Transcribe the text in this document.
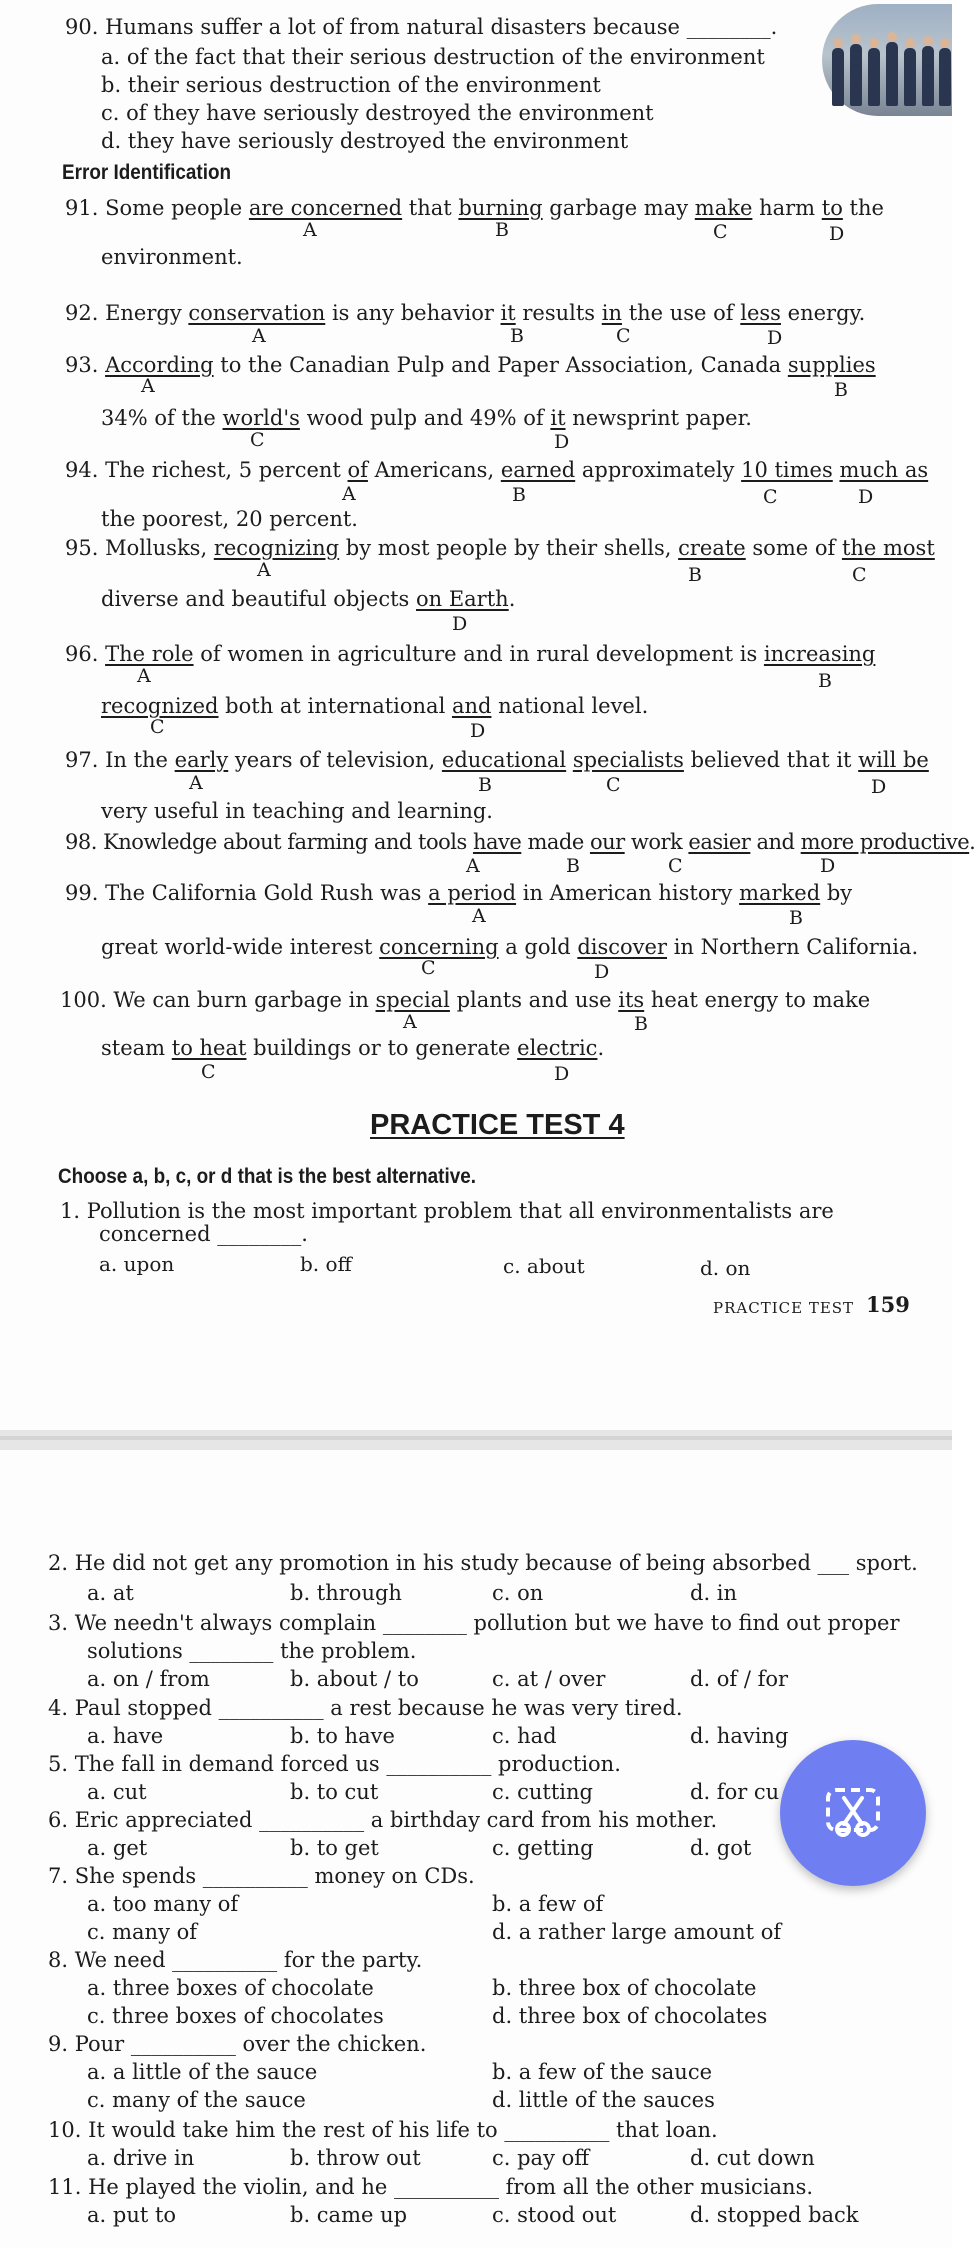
90. Humans suffer a lot of from natural disasters because ________.
a. of the fact that their serious destruction of the environment
b. their serious destruction of the environment
c. of they have seriously destroyed the environment
d. they have seriously destroyed the environment
Error Identification
91. Some people are concerned that burning garbage may make harm to the
A	B	C	D
environment.
92. Energy conservation is any behavior it results in the use of less energy.
A	B	C	D
93. According to the Canadian Pulp and Paper Association, Canada supplies
A	B
34% of the world's wood pulp and 49% of it newsprint paper.
C	D
94. The richest, 5 percent of Americans, earned approximately 10 times much as
A	B	C	D
the poorest, 20 percent.
95. Mollusks, recognizing by most people by their shells, create some of the most
A	B	C
diverse and beautiful objects on Earth.
D
96. The role of women in agriculture and in rural development is increasing
A	B
recognized both at international and national level.
C	D
97. In the early years of television, educational specialists believed that it will be
A	B	C	D
very useful in teaching and learning.
98. Knowledge about farming and tools have made our work easier and more productive.
A	B	C	D
99. The California Gold Rush was a period in American history marked by
A	B
great world-wide interest concerning a gold discover in Northern California.
C	D
100. We can burn garbage in special plants and use its heat energy to make
A	B
steam to heat buildings or to generate electric.
C	D
PRACTICE TEST 4
Choose a, b, c, or d that is the best alternative.
1. Pollution is the most important problem that all environmentalists are
concerned ________.
a. upon	b. off	c. about	d. on
PRACTICE TEST 159
2. He did not get any promotion in his study because of being absorbed ___ sport.
a. at	b. through	c. on	d. in
3. We needn't always complain ________ pollution but we have to find out proper
solutions ________ the problem.
a. on / from	b. about / to	c. at / over	d. of / for
4. Paul stopped __________ a rest because he was very tired.
a. have	b. to have	c. had	d. having
5. The fall in demand forced us __________ production.
a. cut	b. to cut	c. cutting	d. for cu
6. Eric appreciated __________ a birthday card from his mother.
a. get	b. to get	c. getting	d. got
7. She spends __________ money on CDs.
a. too many of	b. a few of
c. many of	d. a rather large amount of
8. We need __________ for the party.
a. three boxes of chocolate	b. three box of chocolate
c. three boxes of chocolates	d. three box of chocolates
9. Pour __________ over the chicken.
a. a little of the sauce	b. a few of the sauce
c. many of the sauce	d. little of the sauces
10. It would take him the rest of his life to __________ that loan.
a. drive in	b. throw out	c. pay off	d. cut down
11. He played the violin, and he __________ from all the other musicians.
a. put to	b. came up	c. stood out	d. stopped back
